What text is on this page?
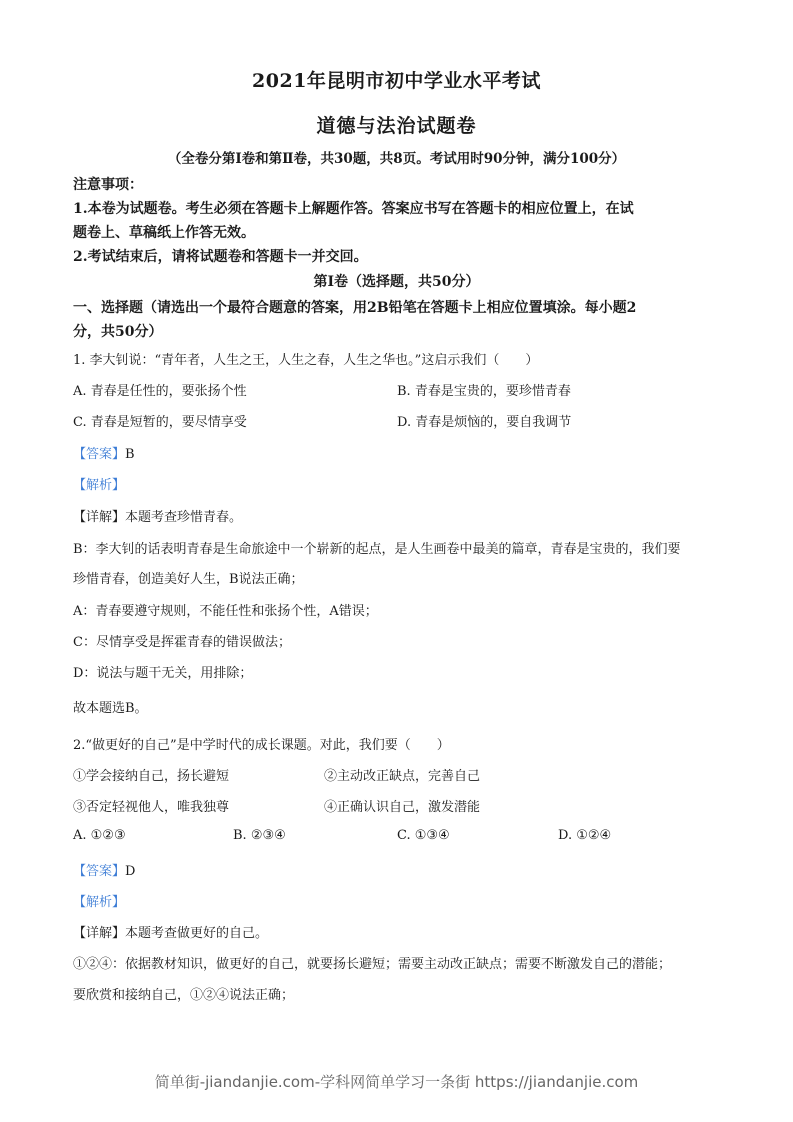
2021年昆明市初中学业水平考试
道德与法治试题卷
（全卷分第Ⅰ卷和第Ⅱ卷，共30题，共8页。考试用时90分钟，满分100分）
注意事项：
1.本卷为试题卷。考生必须在答题卡上解题作答。答案应书写在答题卡的相应位置上，在试
题卷上、草稿纸上作答无效。
2.考试结束后，请将试题卷和答题卡一并交回。
第Ⅰ卷（选择题，共50分）
一、选择题（请选出一个最符合题意的答案，用2B铅笔在答题卡上相应位置填涂。每小题2
分，共50分）
1. 李大钊说：“青年者，人生之王，人生之春，人生之华也。”这启示我们（　　）
A. 青春是任性的，要张扬个性	B. 青春是宝贵的，要珍惜青春
C. 青春是短暂的，要尽情享受	D. 青春是烦恼的，要自我调节
【答案】B
【解析】
【详解】本题考查珍惜青春。
B：李大钊的话表明青春是生命旅途中一个崭新的起点，是人生画卷中最美的篇章，青春是宝贵的，我们要
珍惜青春，创造美好人生，B说法正确；
A：青春要遵守规则，不能任性和张扬个性，A错误；
C：尽情享受是挥霍青春的错误做法；
D：说法与题干无关，用排除；
故本题选B。
2.“做更好的自己”是中学时代的成长课题。对此，我们要（　　）
①学会接纳自己，扬长避短	②主动改正缺点，完善自己
③否定轻视他人，唯我独尊	④正确认识自己，激发潜能
A. ①②③	B. ②③④	C. ①③④	D. ①②④
【答案】D
【解析】
【详解】本题考查做更好的自己。
①②④：依据教材知识，做更好的自己，就要扬长避短；需要主动改正缺点；需要不断激发自己的潜能；
要欣赏和接纳自己，①②④说法正确；
简单街-jiandanjie.com-学科网简单学习一条街 https://jiandanjie.com
